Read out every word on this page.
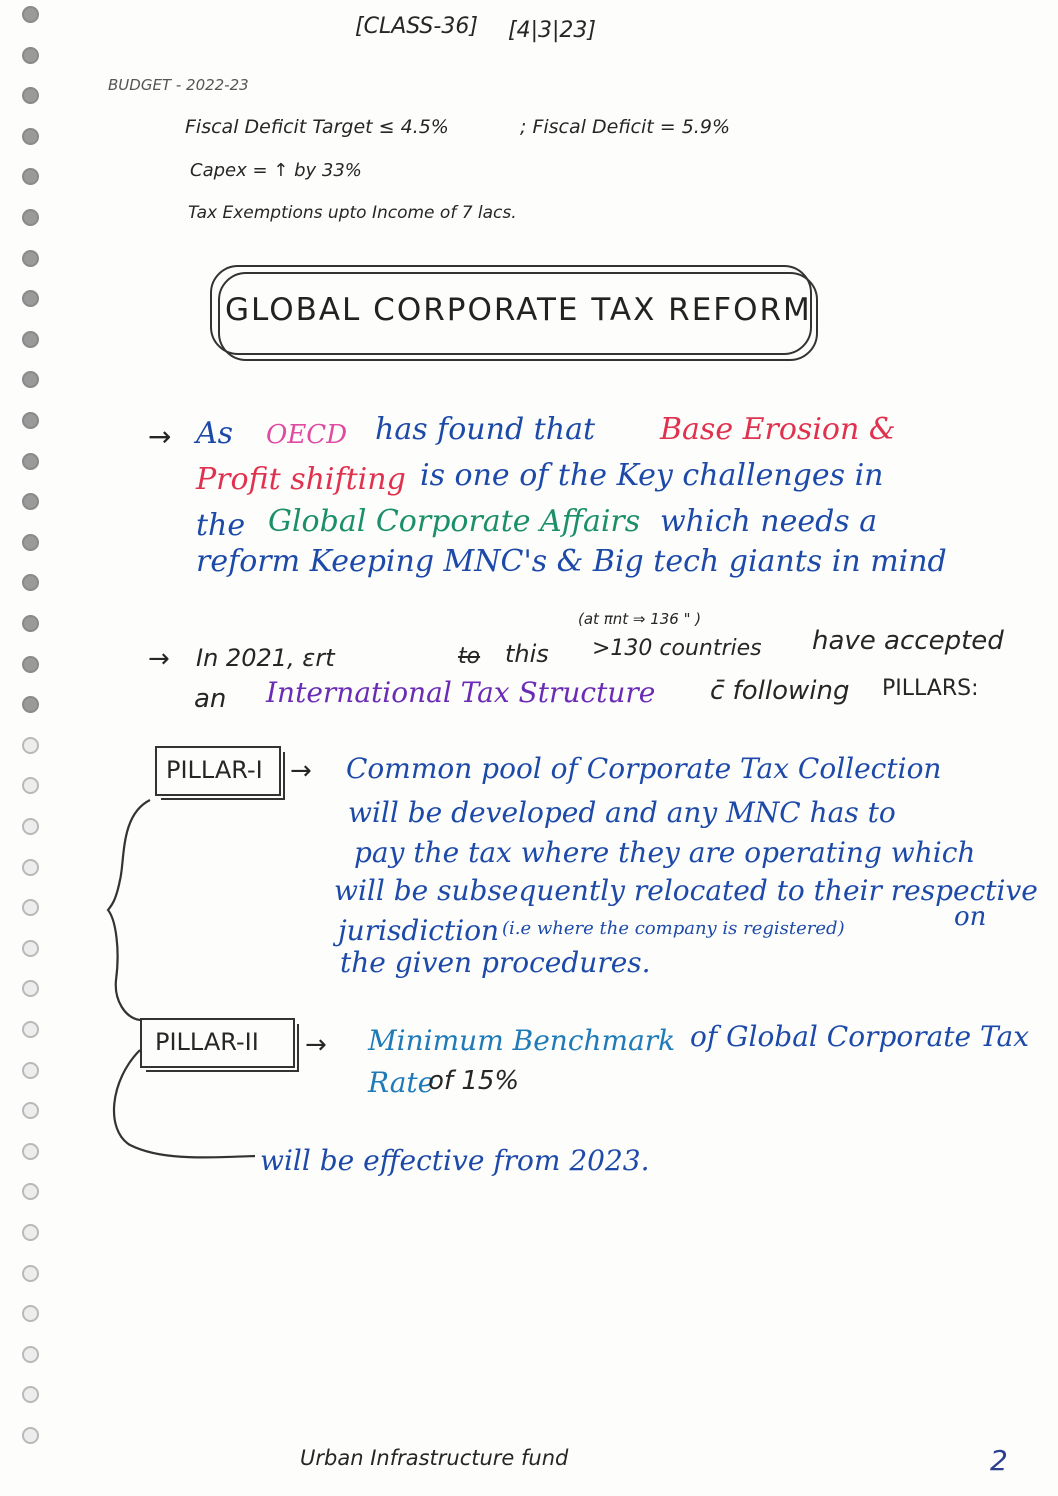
[CLASS-36] [4|3|23]
BUDGET - 2022-23
Fiscal Deficit Target ≤ 4.5%	; Fiscal Deficit = 5.9%
Capex = ↑ by 33%
Tax Exemptions upto Income of 7 lacs.
GLOBAL CORPORATE TAX REFORM
→ As OECD has found that Base Erosion &
Profit shifting is one of the Key challenges in
the Global Corporate Affairs which needs a
reform Keeping MNC's & Big tech giants in mind
(at πnt ⇒ 136 " )
→ In 2021, ɛrt	to this >130 countries have accepted
an International Tax Structure c̄ following PILLARS:
PILLAR-I → Common pool of Corporate Tax Collection
will be developed and any MNC has to
pay the tax where they are operating which
will be subsequently relocated to their respective
jurisdiction (i.e where the company is registered)	on
the given procedures.
PILLAR-II → Minimum Benchmark of Global Corporate Tax
Rate
of 15%
will be effective from 2023.
Urban Infrastructure fund	2
